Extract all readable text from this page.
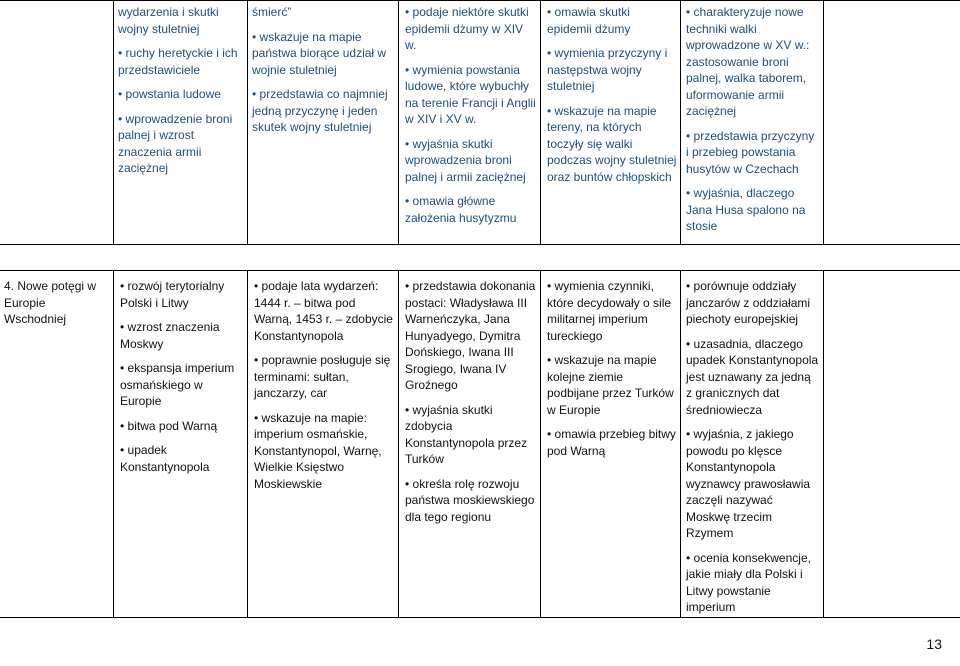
wydarzenia i skutki wojny stuletniej

• ruchy heretyckie i ich przedstawiciele

• powstania ludowe

• wprowadzenie broni palnej i wzrost znaczenia armii zaciężnej

śmierć”

• wskazuje na mapie państwa biorące udział w wojnie stuletniej

• przedstawia co najmniej jedną przyczynę i jeden skutek wojny stuletniej

• podaje niektóre skutki epidemii dżumy w XIV w.

• wymienia powstania ludowe, które wybuchły na terenie Francji i Anglii w XIV i XV w.

• wyjaśnia skutki wprowadzenia broni palnej i armii zaciężnej

• omawia główne założenia husytyzmu

• omawia skutki epidemii dżumy

• wymienia przyczyny i następstwa wojny stuletniej

• wskazuje na mapie tereny, na których toczyły się walki podczas wojny stuletniej oraz buntów chłopskich

• charakteryzuje nowe techniki walki wprowadzone w XV w.: zastosowanie broni palnej, walka taborem, uformowanie armii zaciężnej

• przedstawia przyczyny i przebieg powstania husytów w Czechach

• wyjaśnia, dlaczego Jana Husa spalono na stosie

4. Nowe potęgi w Europie Wschodniej

• rozwój terytorialny Polski i Litwy

• wzrost znaczenia Moskwy

• ekspansja imperium osmańskiego w Europie

• bitwa pod Warną

• upadek Konstantynopola

• podaje lata wydarzeń: 1444 r. – bitwa pod Warną, 1453 r. – zdobycie Konstantynopola

• poprawnie posługuje się terminami: sułtan, janczarzy, car

• wskazuje na mapie: imperium osmańskie, Konstantynopol, Warnę, Wielkie Księstwo Moskiewskie

• przedstawia dokonania postaci: Władysława III Warneńczyka, Jana Hunyadyego, Dymitra Dońskiego, Iwana III Srogiego, Iwana IV Groźnego

• wyjaśnia skutki zdobycia Konstantynopola przez Turków

• określa rolę rozwoju państwa moskiewskiego dla tego regionu

• wymienia czynniki, które decydowały o sile militarnej imperium tureckiego

• wskazuje na mapie kolejne ziemie podbijane przez Turków w Europie

• omawia przebieg bitwy pod Warną

• porównuje oddziały janczarów z oddziałami piechoty europejskiej

• uzasadnia, dlaczego upadek Konstantynopola jest uznawany za jedną z granicznych dat średniowiecza

• wyjaśnia, z jakiego powodu po klęsce Konstantynopola wyznawcy prawosławia zaczęli nazywać Moskwę trzecim Rzymem

• ocenia konsekwencje, jakie miały dla Polski i Litwy powstanie imperium

13
